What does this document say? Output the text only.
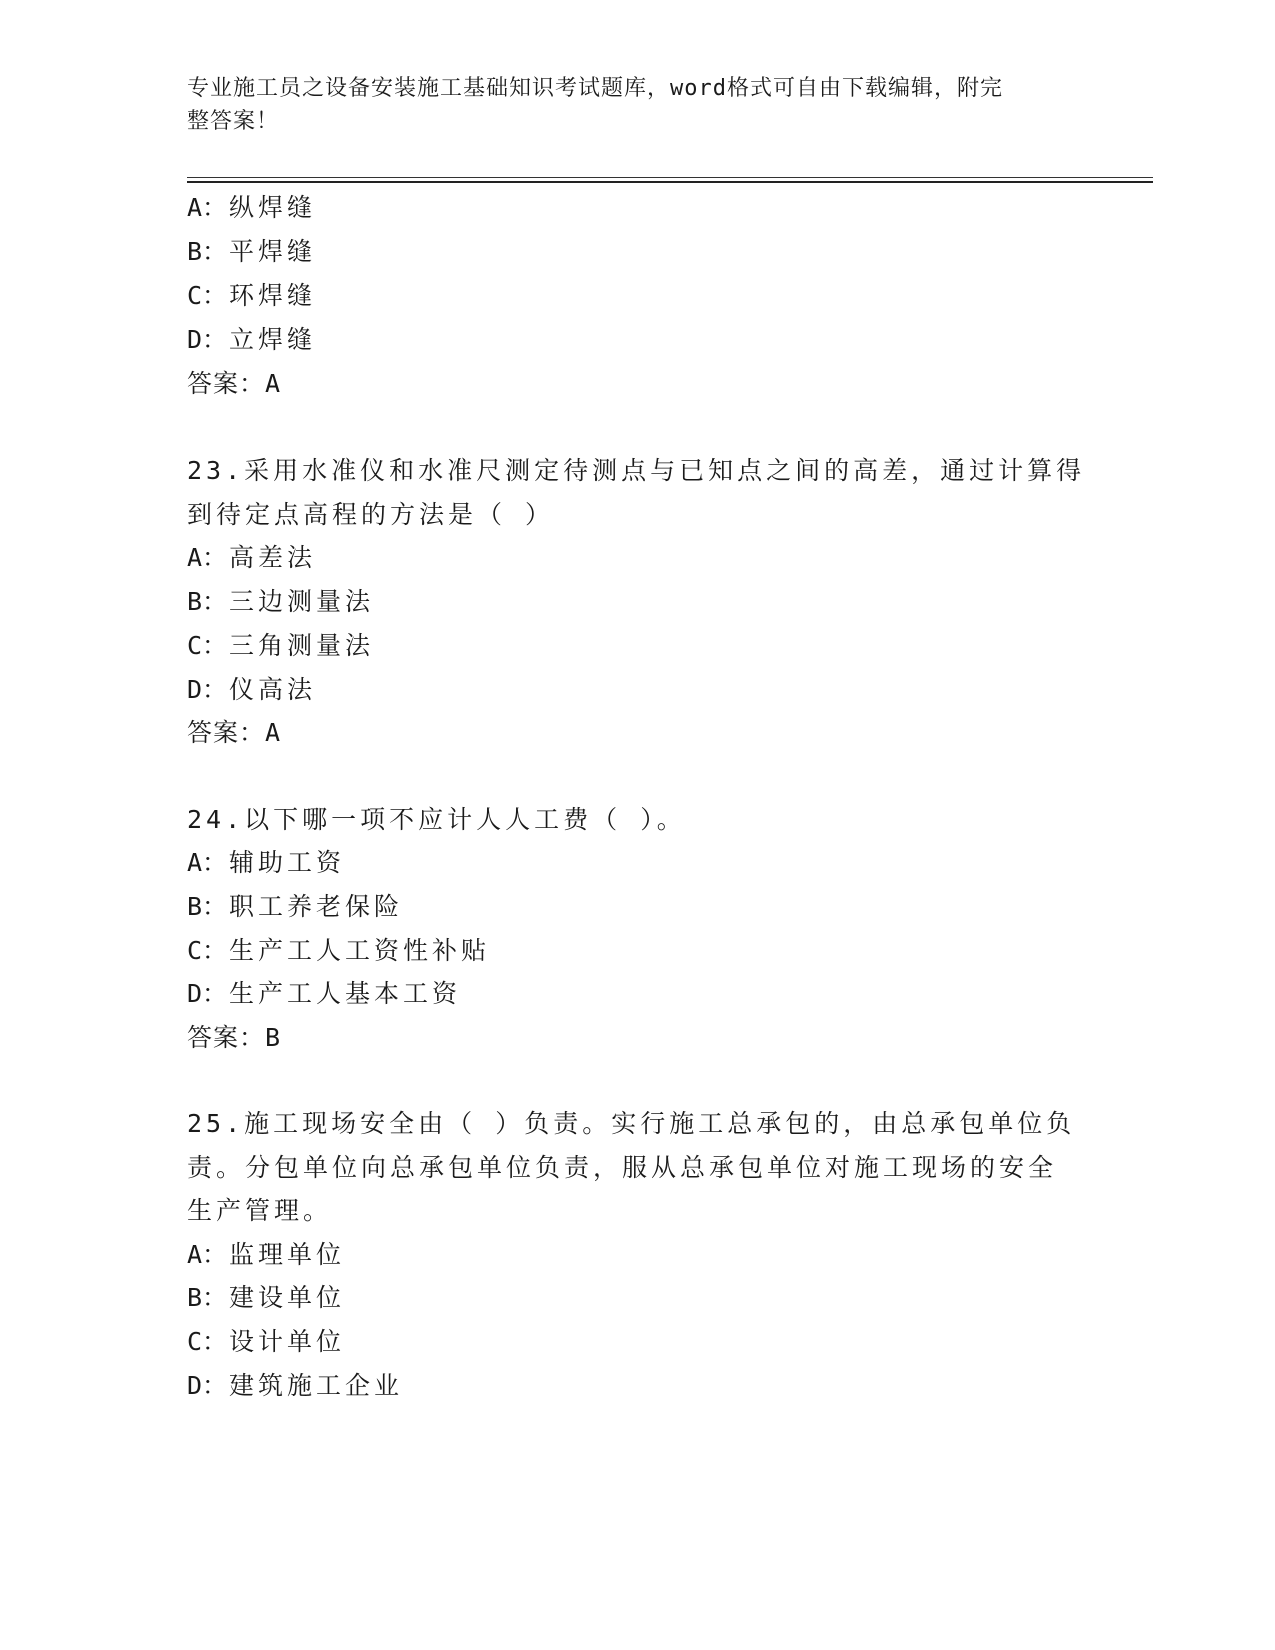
专业施工员之设备安装施工基础知识考试题库，word格式可自由下载编辑，附完
整答案！
A：纵焊缝
B：平焊缝
C：环焊缝
D：立焊缝
答案：A
23.采用水准仪和水准尺测定待测点与已知点之间的高差，通过计算得
到待定点高程的方法是（ ）
A：高差法
B：三边测量法
C：三角测量法
D：仪高法
答案：A
24.以下哪一项不应计人人工费（ ）。
A：辅助工资
B：职工养老保险
C：生产工人工资性补贴
D：生产工人基本工资
答案：B
25.施工现场安全由（ ）负责。实行施工总承包的，由总承包单位负
责。分包单位向总承包单位负责，服从总承包单位对施工现场的安全
生产管理。
A：监理单位
B：建设单位
C：设计单位
D：建筑施工企业
